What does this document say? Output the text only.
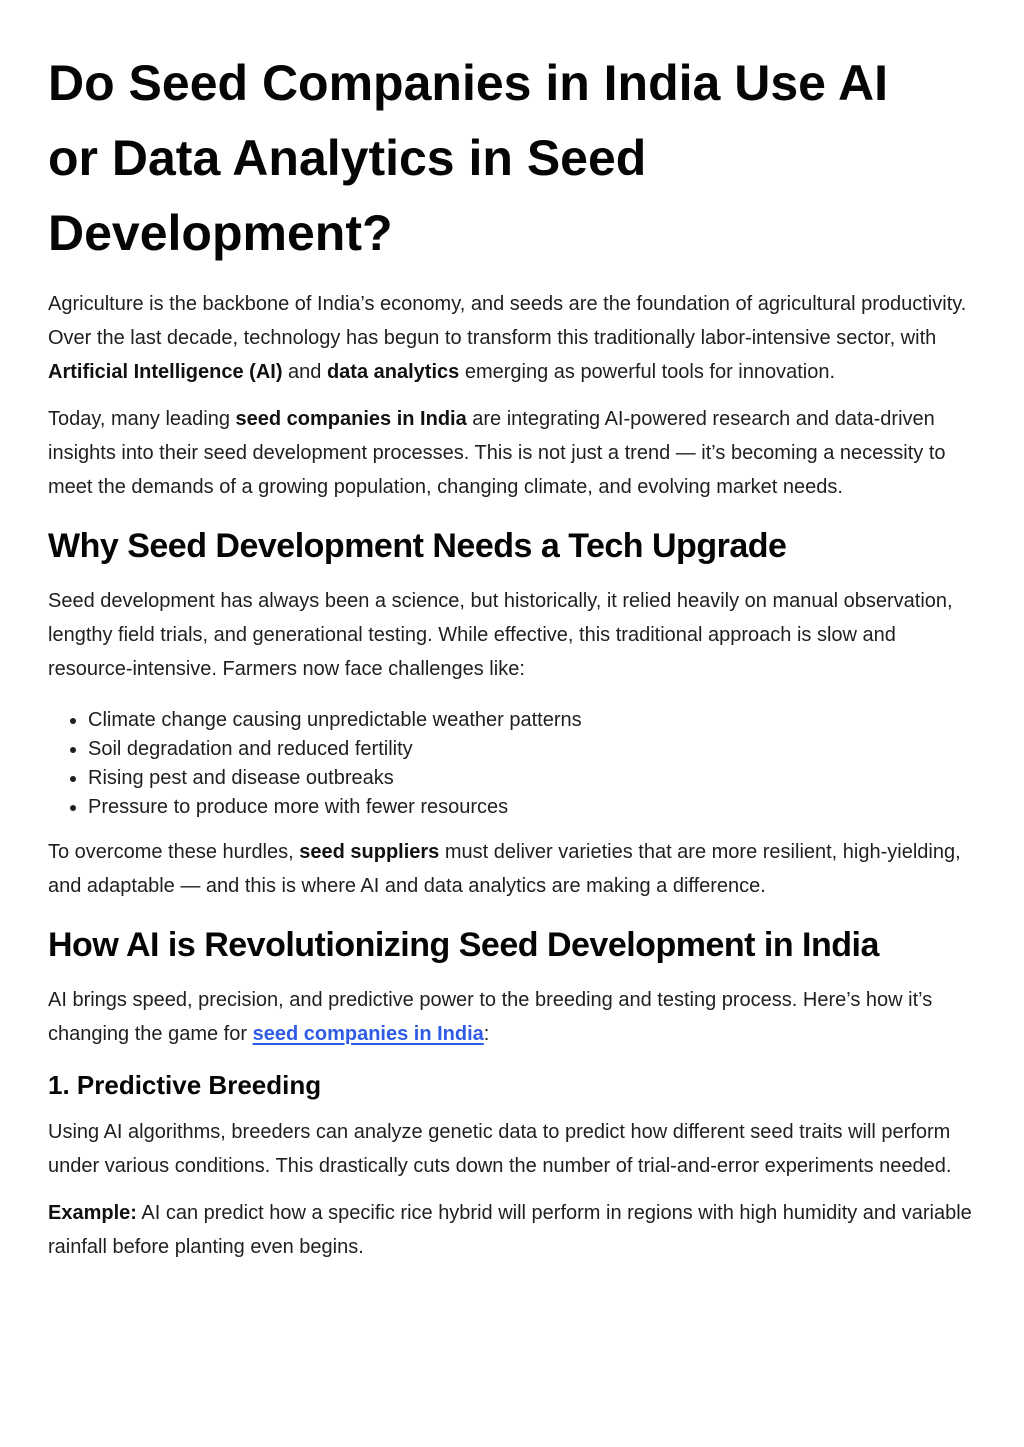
Do Seed Companies in India Use AI or Data Analytics in Seed Development?

Agriculture is the backbone of India’s economy, and seeds are the foundation of agricultural productivity. Over the last decade, technology has begun to transform this traditionally labor-intensive sector, with Artificial Intelligence (AI) and data analytics emerging as powerful tools for innovation.

Today, many leading seed companies in India are integrating AI-powered research and data-driven insights into their seed development processes. This is not just a trend — it’s becoming a necessity to meet the demands of a growing population, changing climate, and evolving market needs.

Why Seed Development Needs a Tech Upgrade

Seed development has always been a science, but historically, it relied heavily on manual observation, lengthy field trials, and generational testing. While effective, this traditional approach is slow and resource-intensive. Farmers now face challenges like:

• Climate change causing unpredictable weather patterns
• Soil degradation and reduced fertility
• Rising pest and disease outbreaks
• Pressure to produce more with fewer resources

To overcome these hurdles, seed suppliers must deliver varieties that are more resilient, high-yielding, and adaptable — and this is where AI and data analytics are making a difference.

How AI is Revolutionizing Seed Development in India

AI brings speed, precision, and predictive power to the breeding and testing process. Here’s how it’s changing the game for seed companies in India:

1. Predictive Breeding

Using AI algorithms, breeders can analyze genetic data to predict how different seed traits will perform under various conditions. This drastically cuts down the number of trial-and-error experiments needed.

Example: AI can predict how a specific rice hybrid will perform in regions with high humidity and variable rainfall before planting even begins.
